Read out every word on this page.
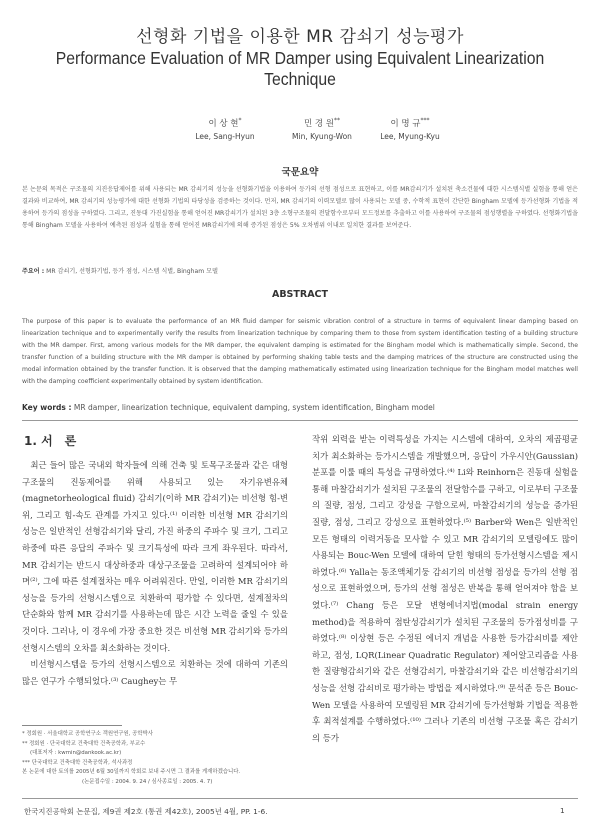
선형화 기법을 이용한 MR 감쇠기 성능평가
Performance Evaluation of MR Damper using Equivalent Linearization Technique
이 상 현*
Lee, Sang-Hyun
민 경 원**
Min, Kyung-Won
이 명 규***
Lee, Myung-Kyu
국문요약
본 논문의 목적은 구조물의 지진응답제어를 위해 사용되는 MR 감쇠기의 성능을 선형화기법을 이용하여 등가의 선형 점성으로 표현하고, 이를 MR감쇠기가 설치된 축소건물에 대한 시스템식별 실험을 통해 얻은 결과와 비교하여, MR 감쇠기의 성능평가에 대한 선형화 기법의 타당성을 검증하는 것이다. 먼저, MR 감쇠기의 이력모델로 많이 사용되는 모델 중, 수학적 표현이 간단한 Bingham 모델에 등가선형화 기법을 적용하여 등가의 점성을 구하였다. 그리고, 진동대 가진실험을 통해 얻어진 MR감쇠기가 설치된 3층 소형구조물의 전달함수로부터 모드정보를 추출하고 이를 사용하여 구조물의 점성행렬을 구하였다. 선형화기법을 통해 Bingham 모델을 사용하여 예측된 점성과 실험을 통해 얻어진 MR감쇠기에 의해 증가된 점성은 5% 오차범위 이내로 일치한 결과를 보여준다.
주요어 : MR 감쇠기, 선형화기법, 등가 점성, 시스템 식별, Bingham 모델
ABSTRACT
The purpose of this paper is to evaluate the performance of an MR fluid damper for seismic vibration control of a structure in terms of equivalent linear damping based on linearization technique and to experimentally verify the results from linearization technique by comparing them to those from system identification testing of a building structure with the MR damper. First, among various models for the MR damper, the equivalent damping is estimated for the Bingham model which is mathematically simple. Second, the transfer function of a building structure with the MR damper is obtained by performing shaking table tests and the damping matrices of the structure are constructed using the modal information obtained by the transfer function. It is observed that the damping mathematically estimated using linearization technique for the Bingham model matches well with the damping coefficient experimentally obtained by system identification.
Key words : MR damper, linearization technique, equivalent damping, system identification, Bingham model
1. 서　론

최근 들어 많은 국내외 학자들에 의해 건축 및 토목구조물과 같은 대형 구조물의 진동제어를 위해 사용되고 있는 자기유변유체(magnetorheological fluid) 감쇠기(이하 MR 감쇠기)는 비선형 힘-변위, 그리고 힘-속도 관계를 가지고 있다.⁽¹⁾ 이러한 비선형 MR 감쇠기의 성능은 일반적인 선형감쇠기와 달리, 가진 하중의 주파수 및 크기, 그리고 하중에 따른 응답의 주파수 및 크기특성에 따라 크게 좌우된다. 따라서, MR 감쇠기는 반드시 대상하중과 대상구조물을 고려하여 설계되어야 하며⁽²⁾, 그에 따른 설계절차는 매우 어려워진다. 만일, 이러한 MR 감쇠기의 성능을 등가의 선형시스템으로 치환하여 평가할 수 있다면, 설계절차의 단순화와 함께 MR 감쇠기를 사용하는데 많은 시간 노력을 줄일 수 있을 것이다. 그러나, 이 경우에 가장 중요한 것은 비선형 MR 감쇠기와 등가의 선형시스템의 오차를 최소화하는 것이다.

비선형시스템을 등가의 선형시스템으로 치환하는 것에 대하여 기존의 많은 연구가 수행되었다.⁽³⁾ Caughey는 무

작위 외력을 받는 이력특성을 가지는 시스템에 대하여, 오차의 제곱평균치가 최소화하는 등가시스템을 개발했으며, 응답이 가우시안(Gaussian) 분포를 이룰 때의 특성을 규명하였다.⁽⁴⁾ Li와 Reinhorn은 진동대 실험을 통해 마찰감쇠기가 설치된 구조물의 전달함수를 구하고, 이로부터 구조물의 질량, 점성, 그리고 강성을 구함으로써, 마찰감쇠기의 성능을 증가된 질량, 점성, 그리고 강성으로 표현하였다.⁽⁵⁾ Barber와 Wen은 일반적인 모든 형태의 이력거동을 모사할 수 있고 MR 감쇠기의 모델링에도 많이 사용되는 Bouc-Wen 모델에 대하여 닫힌 형태의 등가선형시스템을 제시하였다.⁽⁶⁾ Yalla는 동조액체기둥 감쇠기의 비선형 점성을 등가의 선형 점성으로 표현하였으며, 등가의 선형 점성은 반복을 통해 얻어져야 함을 보였다.⁽⁷⁾ Chang 등은 모달 변형에너지법(modal strain energy method)을 적용하여 점탄성감쇠기가 설치된 구조물의 등가점성비를 구하였다.⁽⁸⁾ 이상현 등은 수정된 에너지 개념을 사용한 등가감쇠비를 제안하고, 점성, LQR(Linear Quadratic Regulator) 제어알고리즘을 사용한 질량형감쇠기와 같은 선형감쇠기, 마찰감쇠기와 같은 비선형감쇠기의 성능을 선형 감쇠비로 평가하는 방법을 제시하였다.⁽⁹⁾ 문석준 등은 Bouc-Wen 모델을 사용하여 모델링된 MR 감쇠기에 등가선형화 기법을 적용한 후 최적설계를 수행하였다.⁽¹⁰⁾ 그러나 기존의 비선형 구조물 혹은 감쇠기의 등가

* 정회원 · 서울대학교 공학연구소 객원연구원, 공학박사
** 정회원 · 단국대학교 건축대학 건축공학과, 부교수
(대표저자 : kwmin@dankook.ac.kr)
*** 단국대학교 건축대학 건축공학과, 석사과정
본 논문에 대한 토의를 2005년 6월 30일까지 학회로 보내 주시면 그 결과를 게재하겠습니다.
(논문접수일 : 2004. 9. 24 / 심사종료일 : 2005. 4. 7)
한국지진공학회 논문집, 제9권 제2호 (통권 제42호), 2005년 4월, PP. 1-6.	1
